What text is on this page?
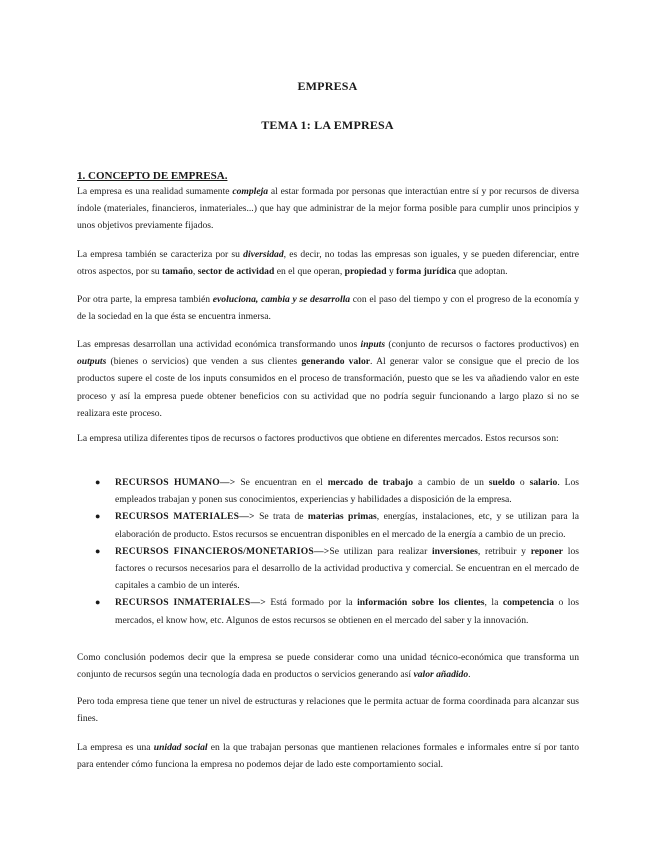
EMPRESA
TEMA 1: LA EMPRESA
1. CONCEPTO DE EMPRESA.
La empresa es una realidad sumamente compleja al estar formada por personas que interactúan entre sí y por recursos de diversa índole (materiales, financieros, inmateriales...) que hay que administrar de la mejor forma posible para cumplir unos principios y unos objetivos previamente fijados.
La empresa también se caracteriza por su diversidad, es decir, no todas las empresas son iguales, y se pueden diferenciar, entre otros aspectos, por su tamaño, sector de actividad en el que operan, propiedad y forma jurídica que adoptan.
Por otra parte, la empresa también evoluciona, cambia y se desarrolla con el paso del tiempo y con el progreso de la economía y de la sociedad en la que ésta se encuentra inmersa.
Las empresas desarrollan una actividad económica transformando unos inputs (conjunto de recursos o factores productivos) en outputs (bienes o servicios) que venden a sus clientes generando valor. Al generar valor se consigue que el precio de los productos supere el coste de los inputs consumidos en el proceso de transformación, puesto que se les va añadiendo valor en este proceso y así la empresa puede obtener beneficios con su actividad que no podría seguir funcionando a largo plazo si no se realizara este proceso.
La empresa utiliza diferentes tipos de recursos o factores productivos que obtiene en diferentes mercados. Estos recursos son:
● RECURSOS HUMANO—> Se encuentran en el mercado de trabajo a cambio de un sueldo o salario. Los empleados trabajan y ponen sus conocimientos, experiencias y habilidades a disposición de la empresa.
● RECURSOS MATERIALES—> Se trata de materias primas, energías, instalaciones, etc, y se utilizan para la elaboración de producto. Estos recursos se encuentran disponibles en el mercado de la energía a cambio de un precio.
● RECURSOS FINANCIEROS/MONETARIOS—>Se utilizan para realizar inversiones, retribuir y reponer los factores o recursos necesarios para el desarrollo de la actividad productiva y comercial. Se encuentran en el mercado de capitales a cambio de un interés.
● RECURSOS INMATERIALES—> Está formado por la información sobre los clientes, la competencia o los mercados, el know how, etc. Algunos de estos recursos se obtienen en el mercado del saber y la innovación.
Como conclusión podemos decir que la empresa se puede considerar como una unidad técnico-económica que transforma un conjunto de recursos según una tecnología dada en productos o servicios generando así valor añadido.
Pero toda empresa tiene que tener un nivel de estructuras y relaciones que le permita actuar de forma coordinada para alcanzar sus fines.
La empresa es una unidad social en la que trabajan personas que mantienen relaciones formales e informales entre sí por tanto para entender cómo funciona la empresa no podemos dejar de lado este comportamiento social.
